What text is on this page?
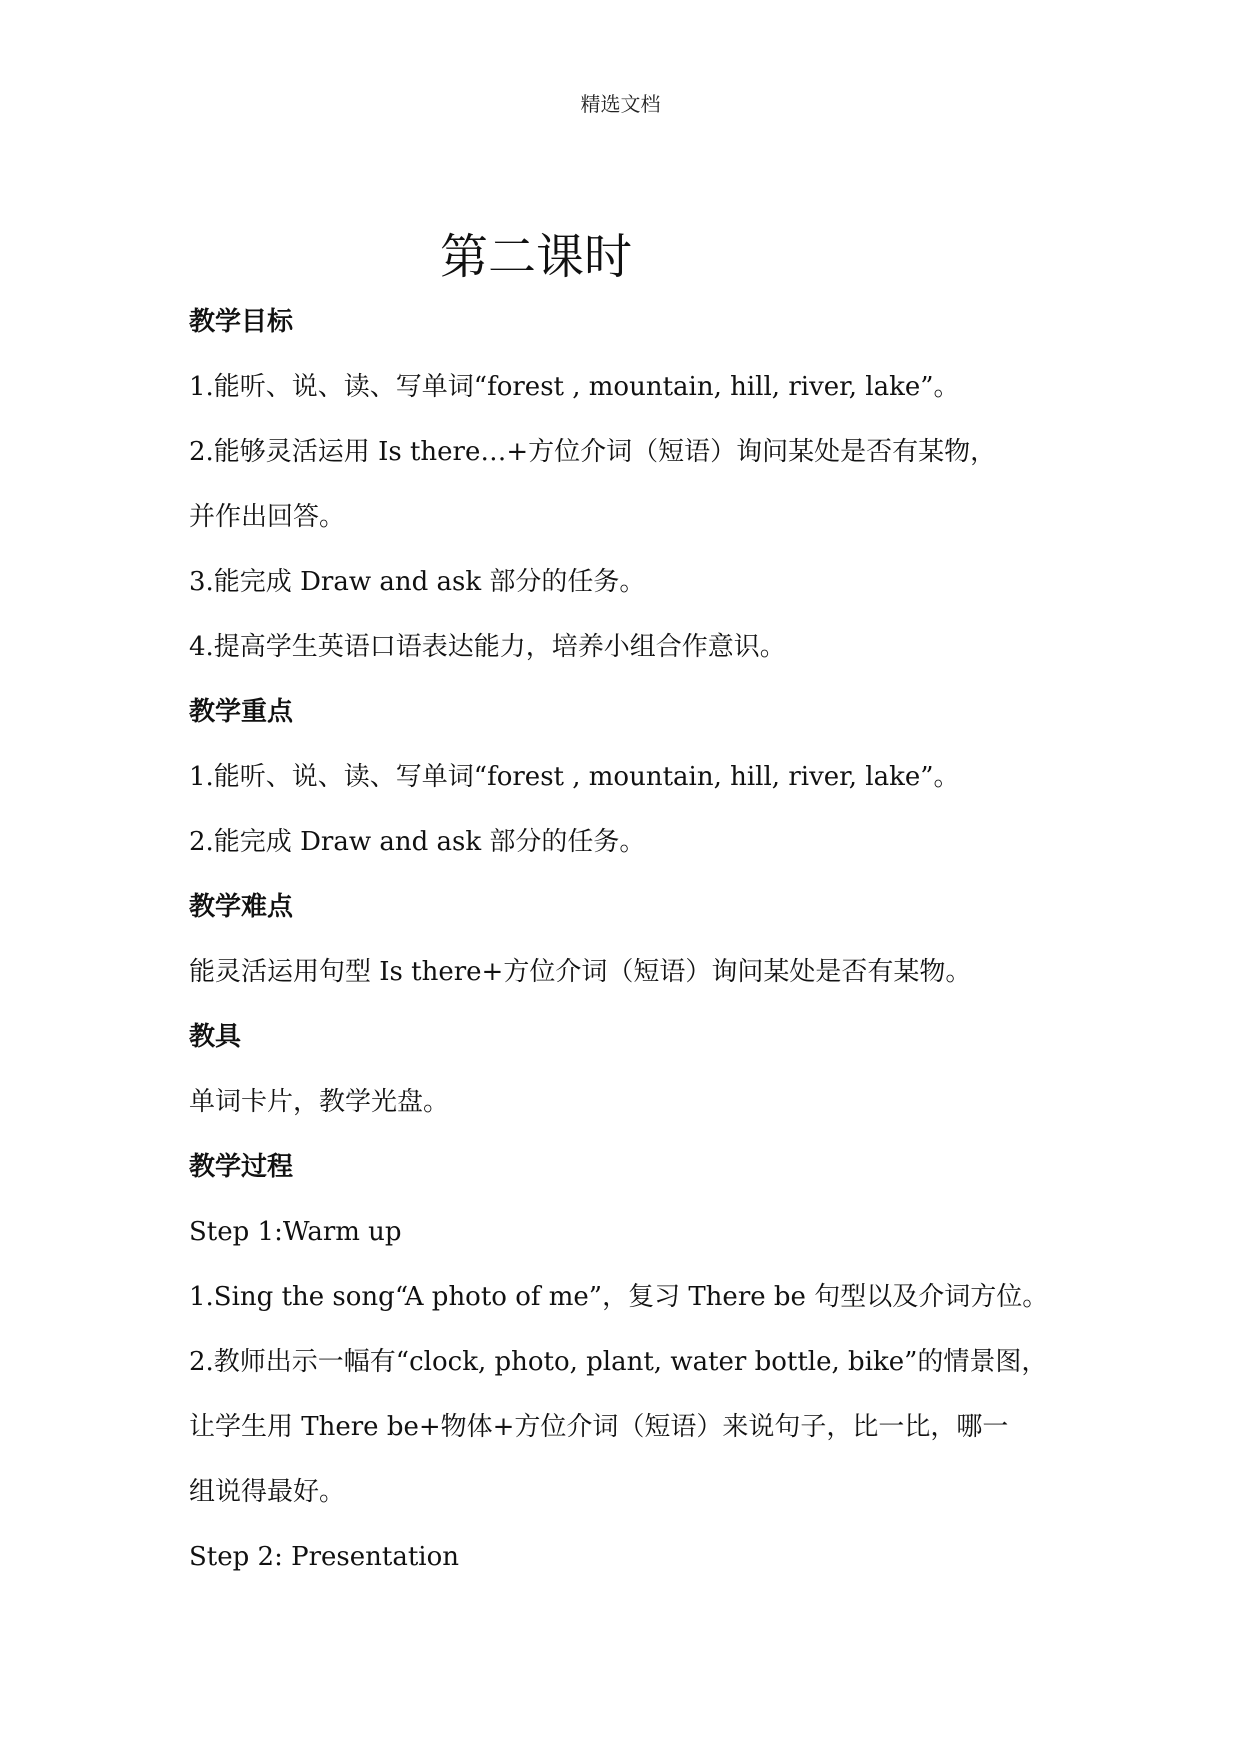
精选文档
第二课时
教学目标
1.能听、说、读、写单词“forest , mountain, hill, river, lake”。
2.能够灵活运用 Is there…+方位介词（短语）询问某处是否有某物，
并作出回答。
3.能完成 Draw and ask 部分的任务。
4.提高学生英语口语表达能力，培养小组合作意识。
教学重点
1.能听、说、读、写单词“forest , mountain, hill, river, lake”。
2.能完成 Draw and ask 部分的任务。
教学难点
能灵活运用句型 Is there+方位介词（短语）询问某处是否有某物。
教具
单词卡片，教学光盘。
教学过程
Step 1:Warm up
1.Sing the song“A photo of me”，复习 There be 句型以及介词方位。
2.教师出示一幅有“clock, photo, plant, water bottle, bike”的情景图，
让学生用 There be+物体+方位介词（短语）来说句子，比一比，哪一
组说得最好。
Step 2: Presentation
